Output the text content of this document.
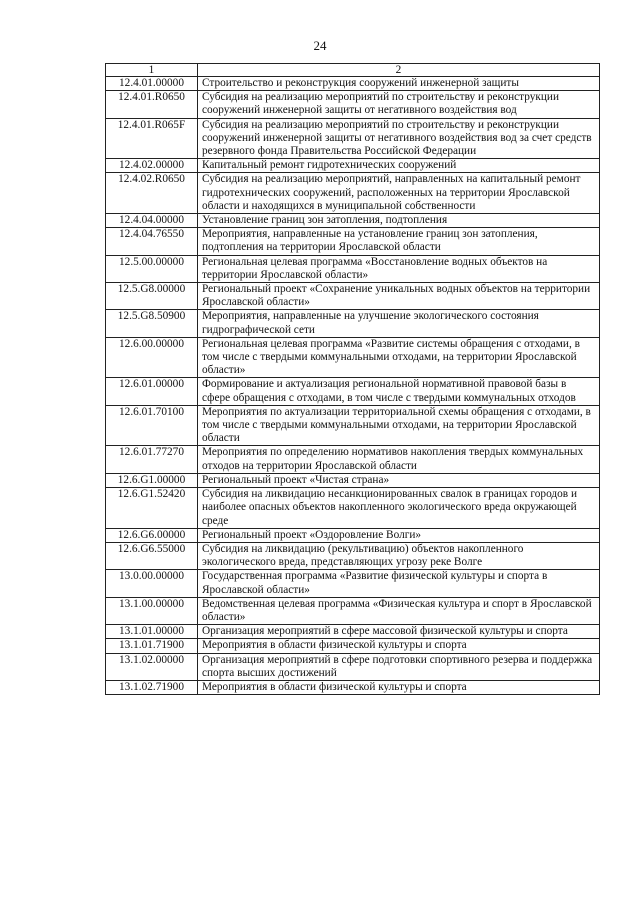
24
1	2
12.4.01.00000	Строительство и реконструкция сооружений инженерной защиты
12.4.01.R0650	Субсидия на реализацию мероприятий по строительству и реконструкции сооружений инженерной защиты от негативного воздействия вод
12.4.01.R065F	Субсидия на реализацию мероприятий по строительству и реконструкции сооружений инженерной защиты от негативного воздействия вод за счет средств резервного фонда Правительства Российской Федерации
12.4.02.00000	Капитальный ремонт гидротехнических сооружений
12.4.02.R0650	Субсидия на реализацию мероприятий, направленных на капитальный ремонт гидротехнических сооружений, расположенных на территории Ярославской области и находящихся в муниципальной собственности
12.4.04.00000	Установление границ зон затопления, подтопления
12.4.04.76550	Мероприятия, направленные на установление границ зон затопления, подтопления на территории Ярославской области
12.5.00.00000	Региональная целевая программа «Восстановление водных объектов на территории Ярославской области»
12.5.G8.00000	Региональный проект «Сохранение уникальных водных объектов на территории Ярославской области»
12.5.G8.50900	Мероприятия, направленные на улучшение экологического состояния гидрографической сети
12.6.00.00000	Региональная целевая программа «Развитие системы обращения с отходами, в том числе с твердыми коммунальными отходами, на территории Ярославской области»
12.6.01.00000	Формирование и актуализация региональной нормативной правовой базы в сфере обращения с отходами, в том числе с твердыми коммунальных отходов
12.6.01.70100	Мероприятия по актуализации территориальной схемы обращения с отходами, в том числе с твердыми коммунальными отходами, на территории Ярославской области
12.6.01.77270	Мероприятия по определению нормативов накопления твердых коммунальных отходов на территории Ярославской области
12.6.G1.00000	Региональный проект «Чистая страна»
12.6.G1.52420	Субсидия на ликвидацию несанкционированных свалок в границах городов и наиболее опасных объектов накопленного экологического вреда окружающей среде
12.6.G6.00000	Региональный проект «Оздоровление Волги»
12.6.G6.55000	Субсидия на ликвидацию (рекультивацию) объектов накопленного экологического вреда, представляющих угрозу реке Волге
13.0.00.00000	Государственная программа «Развитие физической культуры и спорта в Ярославской области»
13.1.00.00000	Ведомственная целевая программа «Физическая культура и спорт в Ярославской области»
13.1.01.00000	Организация мероприятий в сфере массовой физической культуры и спорта
13.1.01.71900	Мероприятия в области физической культуры и спорта
13.1.02.00000	Организация мероприятий в сфере подготовки спортивного резерва и поддержка спорта высших достижений
13.1.02.71900	Мероприятия в области физической культуры и спорта
